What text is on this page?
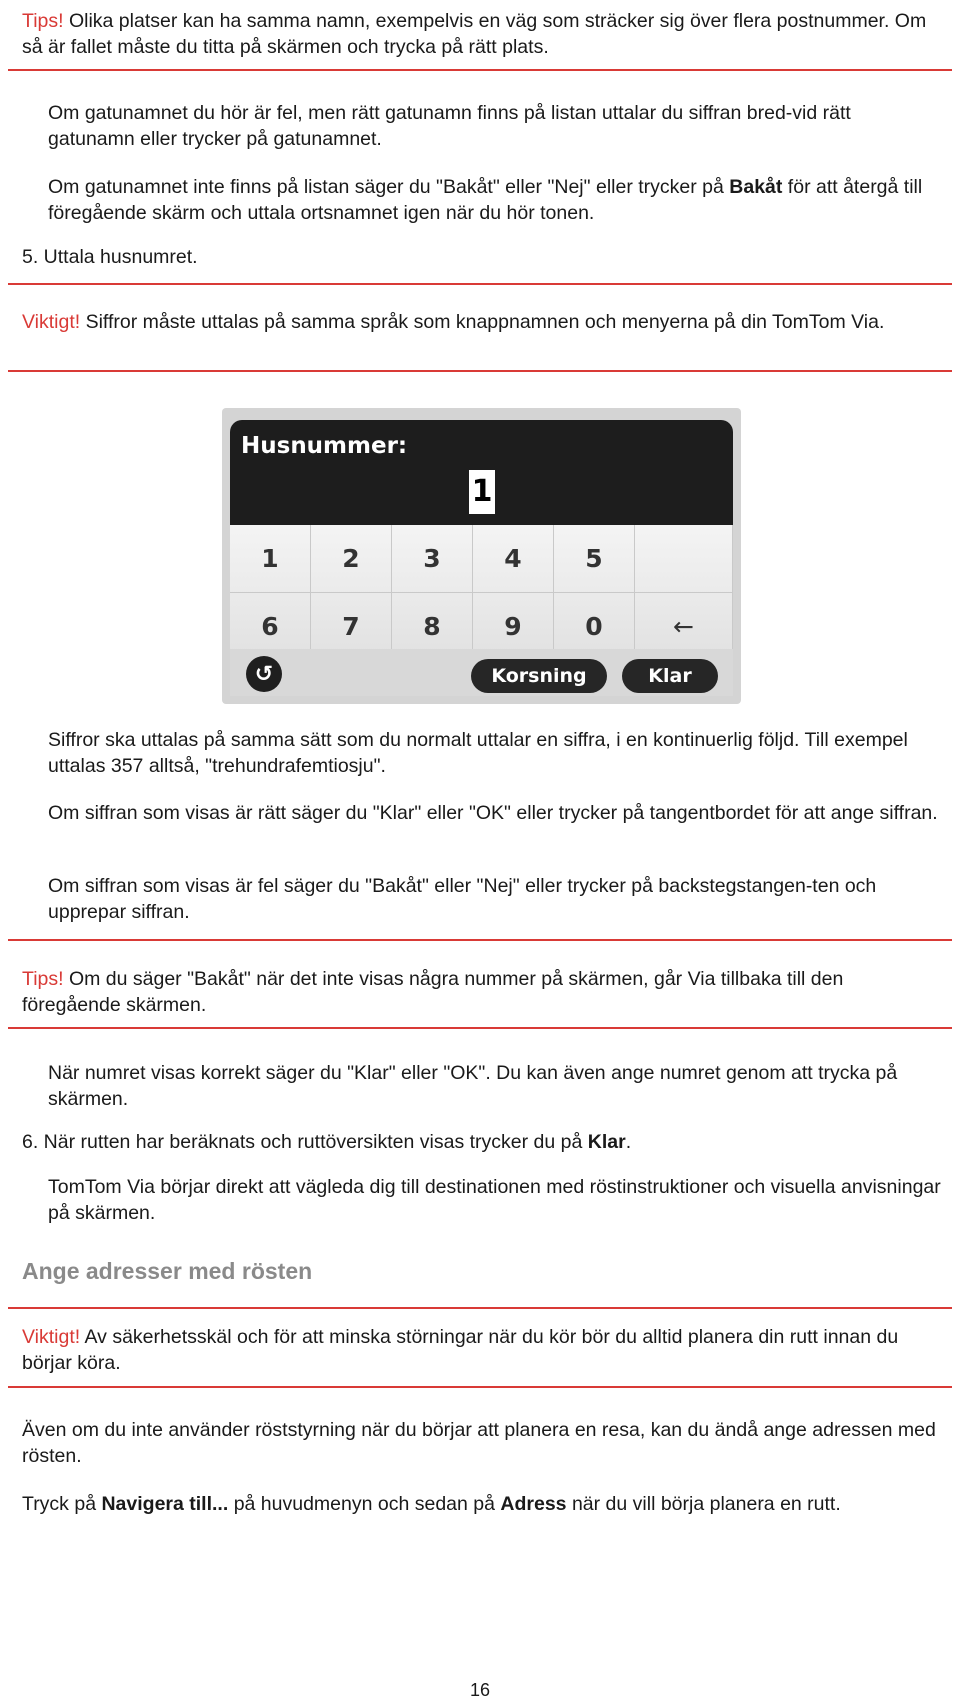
Tips! Olika platser kan ha samma namn, exempelvis en väg som sträcker sig över flera postnummer. Om så är fallet måste du titta på skärmen och trycka på rätt plats.

Om gatunamnet du hör är fel, men rätt gatunamn finns på listan uttalar du siffran bred-vid rätt gatunamn eller trycker på gatunamnet.

Om gatunamnet inte finns på listan säger du "Bakåt" eller "Nej" eller trycker på Bakåt för att återgå till föregående skärm och uttala ortsnamnet igen när du hör tonen.

5. Uttala husnumret.

Viktigt! Siffror måste uttalas på samma språk som knappnamnen och menyerna på din TomTom Via.

Husnummer:
1
1	2	3	4	5
6	7	8	9	0	←
↺	Korsning	Klar

Siffror ska uttalas på samma sätt som du normalt uttalar en siffra, i en kontinuerlig följd. Till exempel uttalas 357 alltså, "trehundrafemtiosju".

Om siffran som visas är rätt säger du "Klar" eller "OK" eller trycker på tangentbordet för att ange siffran.

Om siffran som visas är fel säger du "Bakåt" eller "Nej" eller trycker på backstegstangen-ten och upprepar siffran.

Tips! Om du säger "Bakåt" när det inte visas några nummer på skärmen, går Via tillbaka till den föregående skärmen.

När numret visas korrekt säger du "Klar" eller "OK". Du kan även ange numret genom att trycka på skärmen.

6. När rutten har beräknats och ruttöversikten visas trycker du på Klar.

TomTom Via börjar direkt att vägleda dig till destinationen med röstinstruktioner och visuella anvisningar på skärmen.

Ange adresser med rösten

Viktigt! Av säkerhetsskäl och för att minska störningar när du kör bör du alltid planera din rutt innan du börjar köra.

Även om du inte använder röststyrning när du börjar att planera en resa, kan du ändå ange adressen med rösten.

Tryck på Navigera till... på huvudmenyn och sedan på Adress när du vill börja planera en rutt.

16
